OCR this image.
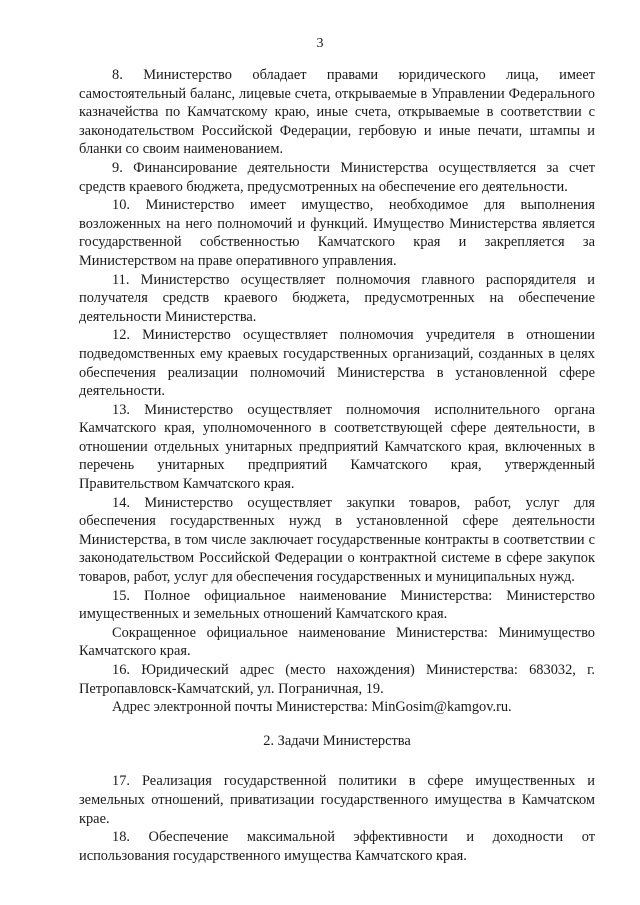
3

8. Министерство обладает правами юридического лица, имеет самостоятельный баланс, лицевые счета, открываемые в Управлении Федерального казначейства по Камчатскому краю, иные счета, открываемые в соответствии с законодательством Российской Федерации, гербовую и иные печати, штампы и бланки со своим наименованием.

9. Финансирование деятельности Министерства осуществляется за счет средств краевого бюджета, предусмотренных на обеспечение его деятельности.

10. Министерство имеет имущество, необходимое для выполнения возложенных на него полномочий и функций. Имущество Министерства является государственной собственностью Камчатского края и закрепляется за Министерством на праве оперативного управления.

11. Министерство осуществляет полномочия главного распорядителя и получателя средств краевого бюджета, предусмотренных на обеспечение деятельности Министерства.

12. Министерство осуществляет полномочия учредителя в отношении подведомственных ему краевых государственных организаций, созданных в целях обеспечения реализации полномочий Министерства в установленной сфере деятельности.

13. Министерство осуществляет полномочия исполнительного органа Камчатского края, уполномоченного в соответствующей сфере деятельности, в отношении отдельных унитарных предприятий Камчатского края, включенных в перечень унитарных предприятий Камчатского края, утвержденный Правительством Камчатского края.

14. Министерство осуществляет закупки товаров, работ, услуг для обеспечения государственных нужд в установленной сфере деятельности Министерства, в том числе заключает государственные контракты в соответствии с законодательством Российской Федерации о контрактной системе в сфере закупок товаров, работ, услуг для обеспечения государственных и муниципальных нужд.

15. Полное официальное наименование Министерства: Министерство имущественных и земельных отношений Камчатского края.

Сокращенное официальное наименование Министерства: Минимущество Камчатского края.

16. Юридический адрес (место нахождения) Министерства: 683032, г. Петропавловск-Камчатский, ул. Пограничная, 19.

Адрес электронной почты Министерства: MinGosim@kamgov.ru.

2. Задачи Министерства

17. Реализация государственной политики в сфере имущественных и земельных отношений, приватизации государственного имущества в Камчатском крае.

18. Обеспечение максимальной эффективности и доходности от использования государственного имущества Камчатского края.
